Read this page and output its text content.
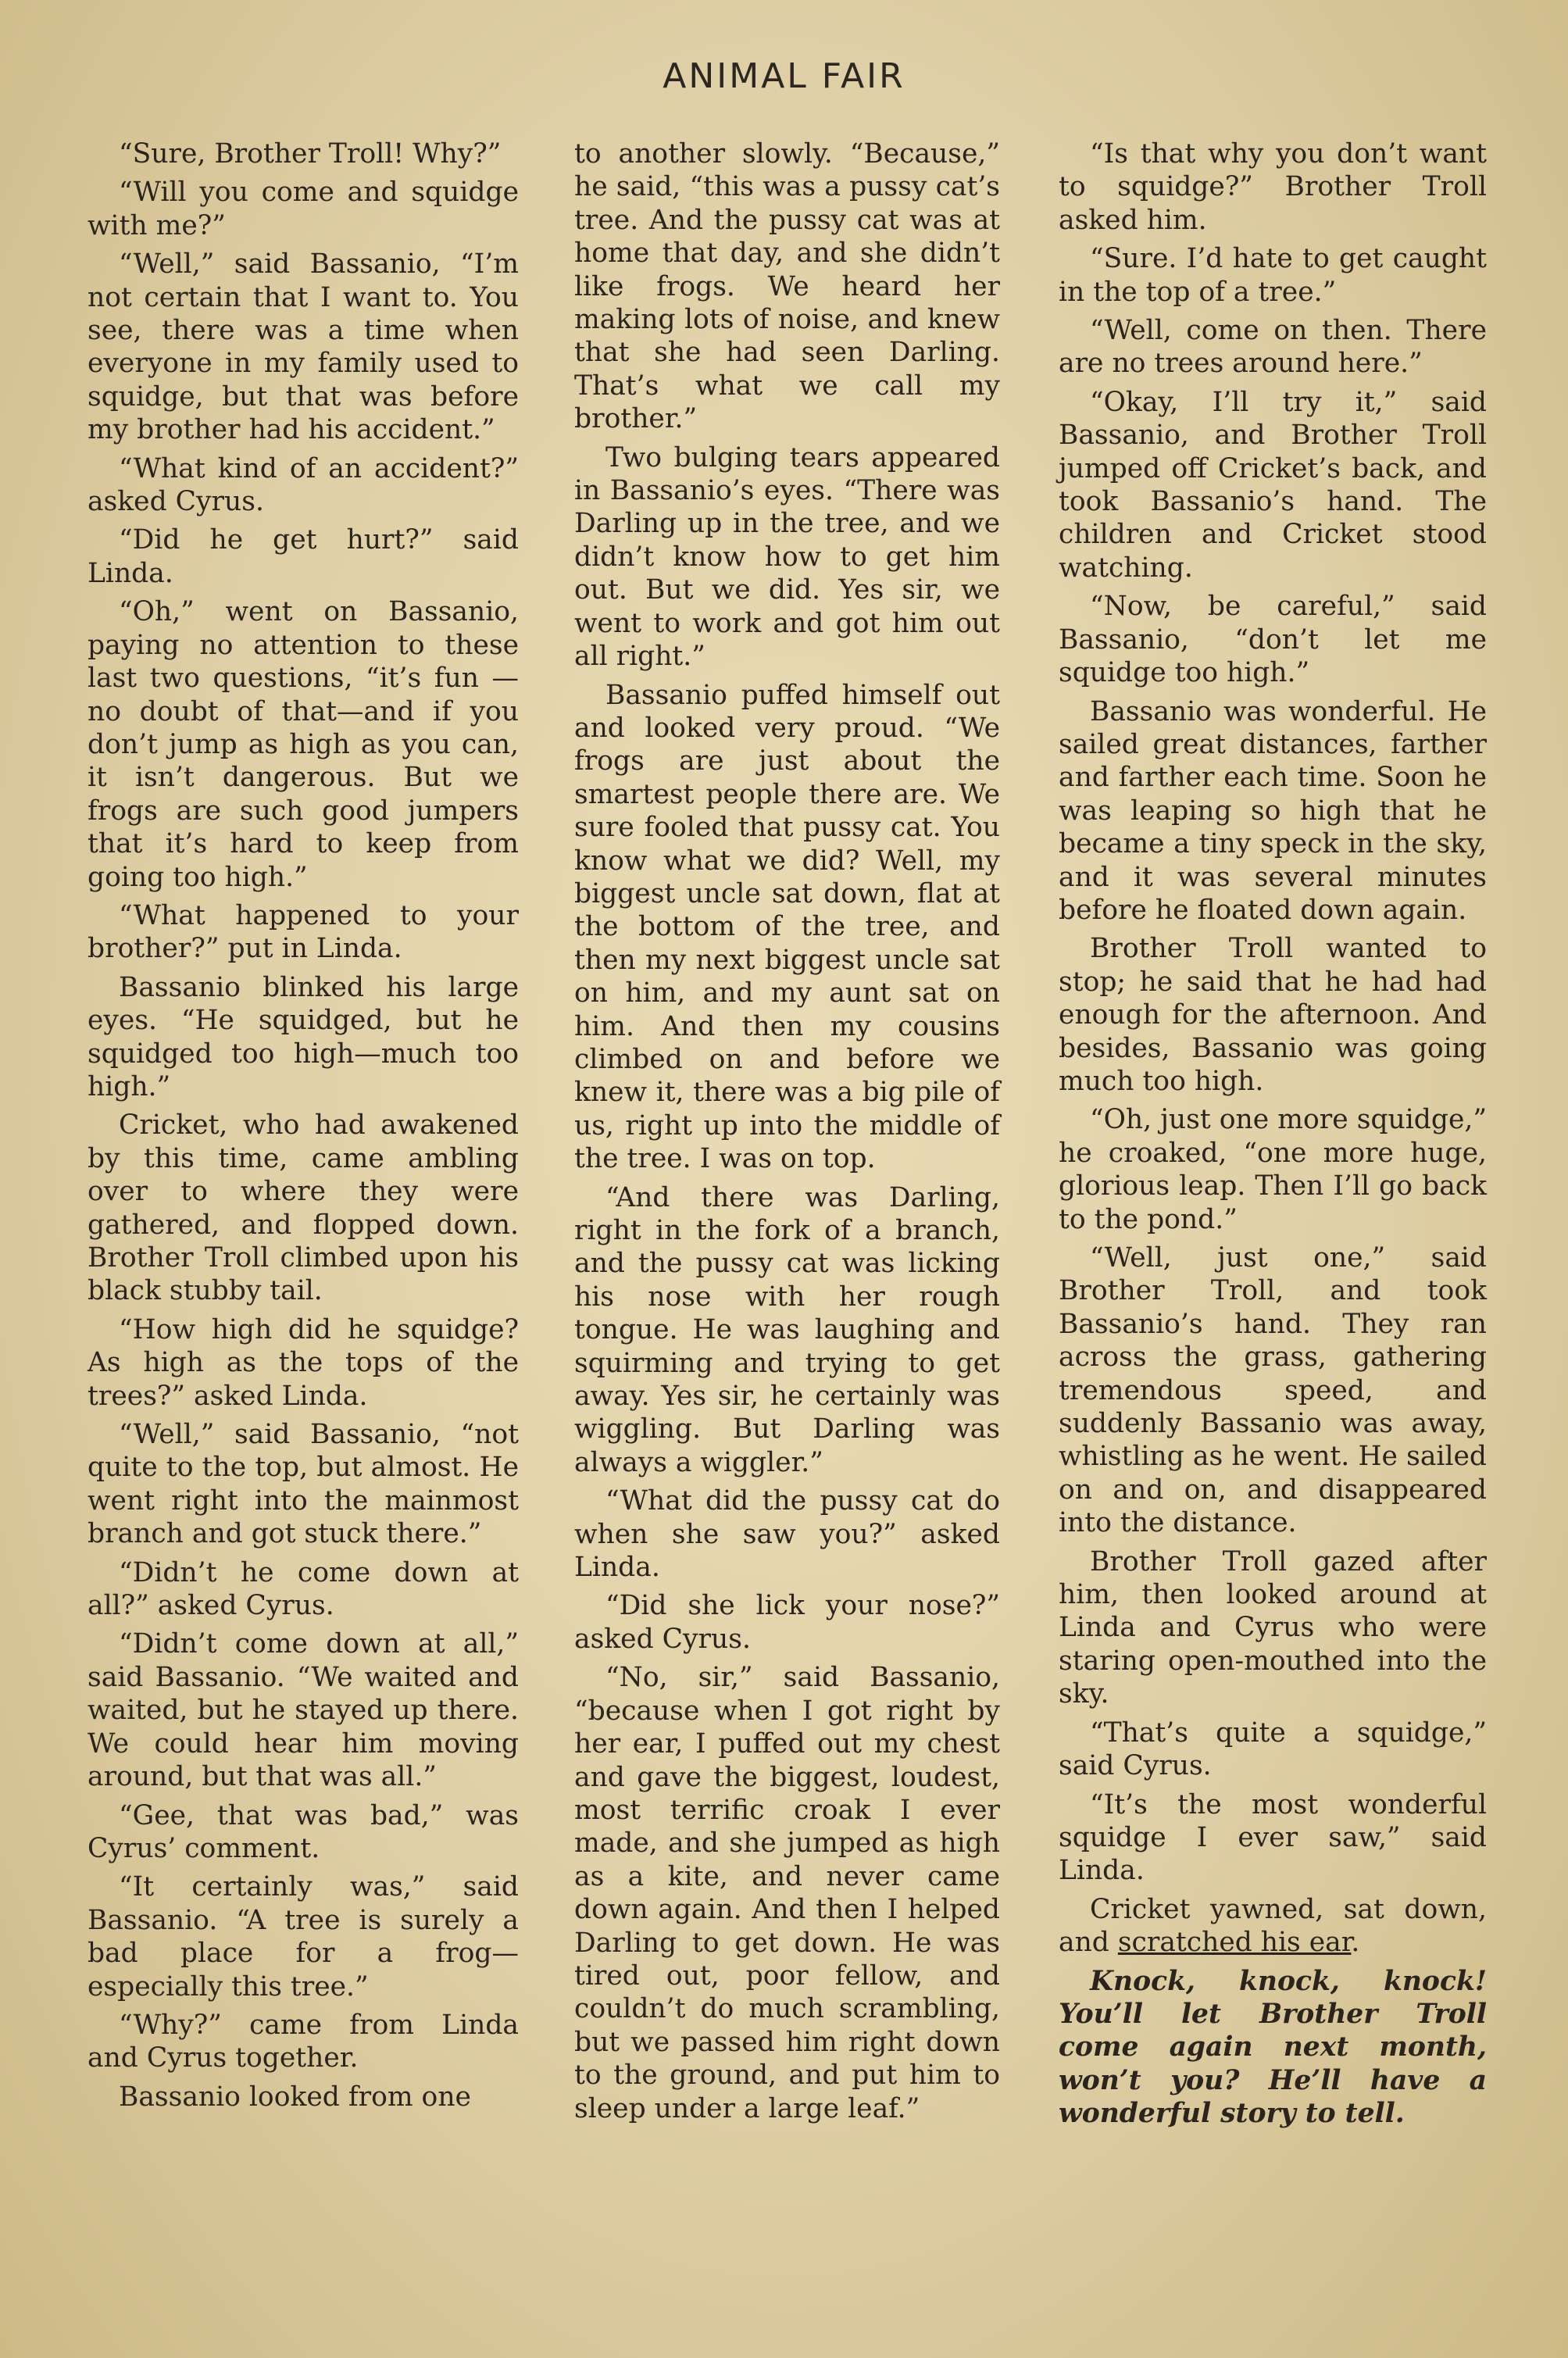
ANIMAL FAIR

“Sure, Brother Troll! Why?”

“Will you come and squidge with me?”

“Well,” said Bassanio, “I’m not certain that I want to. You see, there was a time when everyone in my family used to squidge, but that was before my brother had his accident.”

“What kind of an accident?” asked Cyrus.

“Did he get hurt?” said Linda.

“Oh,” went on Bassanio, paying no attention to these last two questions, “it’s fun —no doubt of that—and if you don’t jump as high as you can, it isn’t dangerous. But we frogs are such good jumpers that it’s hard to keep from going too high.”

“What happened to your brother?” put in Linda.

Bassanio blinked his large eyes. “He squidged, but he squidged too high—much too high.”

Cricket, who had awakened by this time, came ambling over to where they were gathered, and flopped down. Brother Troll climbed upon his black stubby tail.

“How high did he squidge? As high as the tops of the trees?” asked Linda.

“Well,” said Bassanio, “not quite to the top, but almost. He went right into the mainmost branch and got stuck there.”

“Didn’t he come down at all?” asked Cyrus.

“Didn’t come down at all,” said Bassanio. “We waited and waited, but he stayed up there. We could hear him moving around, but that was all.”

“Gee, that was bad,” was Cyrus’ comment.

“It certainly was,” said Bassanio. “A tree is surely a bad place for a frog—especially this tree.”

“Why?” came from Linda and Cyrus together.

Bassanio looked from one

to another slowly. “Because,” he said, “this was a pussy cat’s tree. And the pussy cat was at home that day, and she didn’t like frogs. We heard her making lots of noise, and knew that she had seen Darling. That’s what we call my brother.”

Two bulging tears appeared in Bassanio’s eyes. “There was Darling up in the tree, and we didn’t know how to get him out. But we did. Yes sir, we went to work and got him out all right.”

Bassanio puffed himself out and looked very proud. “We frogs are just about the smartest people there are. We sure fooled that pussy cat. You know what we did? Well, my biggest uncle sat down, flat at the bottom of the tree, and then my next biggest uncle sat on him, and my aunt sat on him. And then my cousins climbed on and before we knew it, there was a big pile of us, right up into the middle of the tree. I was on top.

“And there was Darling, right in the fork of a branch, and the pussy cat was licking his nose with her rough tongue. He was laughing and squirming and trying to get away. Yes sir, he certainly was wiggling. But Darling was always a wiggler.”

“What did the pussy cat do when she saw you?” asked Linda.

“Did she lick your nose?” asked Cyrus.

“No, sir,” said Bassanio, “because when I got right by her ear, I puffed out my chest and gave the biggest, loudest, most terrific croak I ever made, and she jumped as high as a kite, and never came down again. And then I helped Darling to get down. He was tired out, poor fellow, and couldn’t do much scrambling, but we passed him right down to the ground, and put him to sleep under a large leaf.”

“Is that why you don’t want to squidge?” Brother Troll asked him.

“Sure. I’d hate to get caught in the top of a tree.”

“Well, come on then. There are no trees around here.”

“Okay, I’ll try it,” said Bassanio, and Brother Troll jumped off Cricket’s back, and took Bassanio’s hand. The children and Cricket stood watching.

“Now, be careful,” said Bassanio, “don’t let me squidge too high.”

Bassanio was wonderful. He sailed great distances, farther and farther each time. Soon he was leaping so high that he became a tiny speck in the sky, and it was several minutes before he floated down again.

Brother Troll wanted to stop; he said that he had had enough for the afternoon. And besides, Bassanio was going much too high.

“Oh, just one more squidge,” he croaked, “one more huge, glorious leap. Then I’ll go back to the pond.”

“Well, just one,” said Brother Troll, and took Bassanio’s hand. They ran across the grass, gathering tremendous speed, and suddenly Bassanio was away, whistling as he went. He sailed on and on, and disappeared into the distance.

Brother Troll gazed after him, then looked around at Linda and Cyrus who were staring open-mouthed into the sky.

“That’s quite a squidge,” said Cyrus.

“It’s the most wonderful squidge I ever saw,” said Linda.

Cricket yawned, sat down, and scratched his ear.

Knock, knock, knock! You’ll let Brother Troll come again next month, won’t you? He’ll have a wonderful story to tell.
